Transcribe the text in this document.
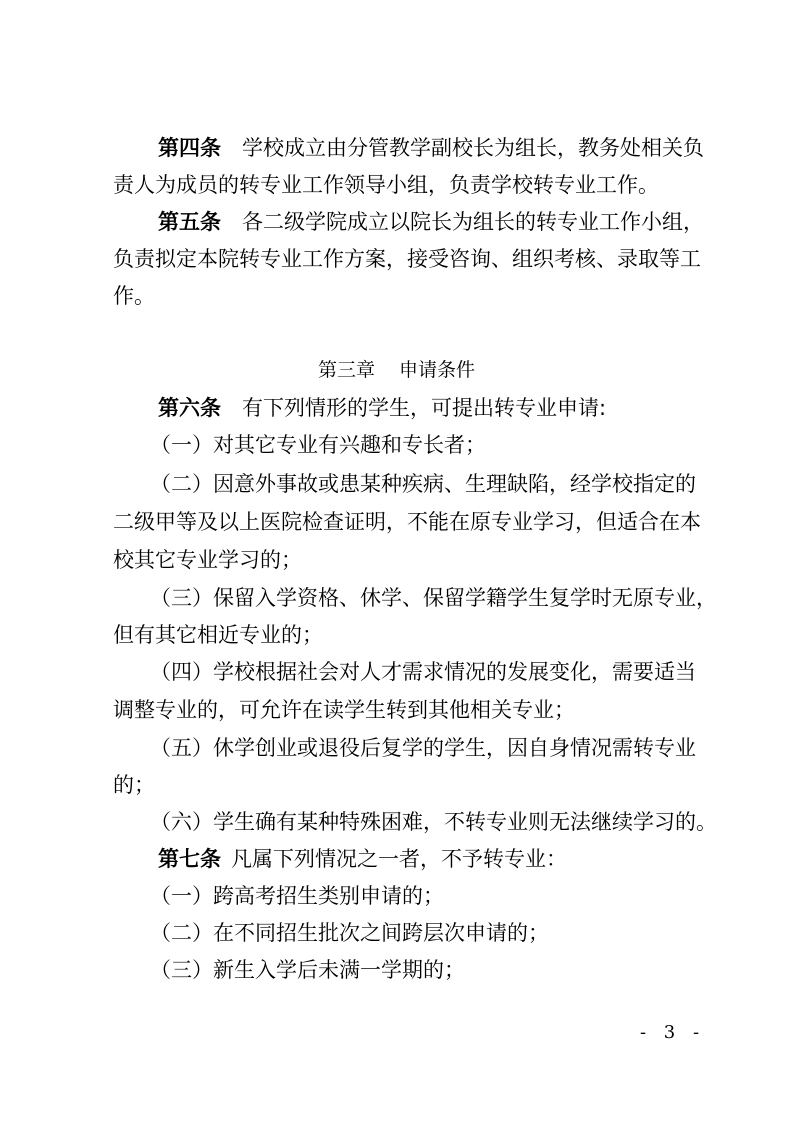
第四条 学校成立由分管教学副校长为组长，教务处相关负
责人为成员的转专业工作领导小组，负责学校转专业工作。
第五条 各二级学院成立以院长为组长的转专业工作小组，
负责拟定本院转专业工作方案，接受咨询、组织考核、录取等工
作。
第三章 申请条件
第六条 有下列情形的学生，可提出转专业申请:
（一）对其它专业有兴趣和专长者；
（二）因意外事故或患某种疾病、生理缺陷，经学校指定的
二级甲等及以上医院检查证明，不能在原专业学习，但适合在本
校其它专业学习的；
（三）保留入学资格、休学、保留学籍学生复学时无原专业，
但有其它相近专业的；
（四）学校根据社会对人才需求情况的发展变化，需要适当
调整专业的，可允许在读学生转到其他相关专业；
（五）休学创业或退役后复学的学生，因自身情况需转专业
的；
（六）学生确有某种特殊困难，不转专业则无法继续学习的。
第七条 凡属下列情况之一者，不予转专业：
（一）跨高考招生类别申请的；
（二）在不同招生批次之间跨层次申请的；
（三）新生入学后未满一学期的；
- 3 -
